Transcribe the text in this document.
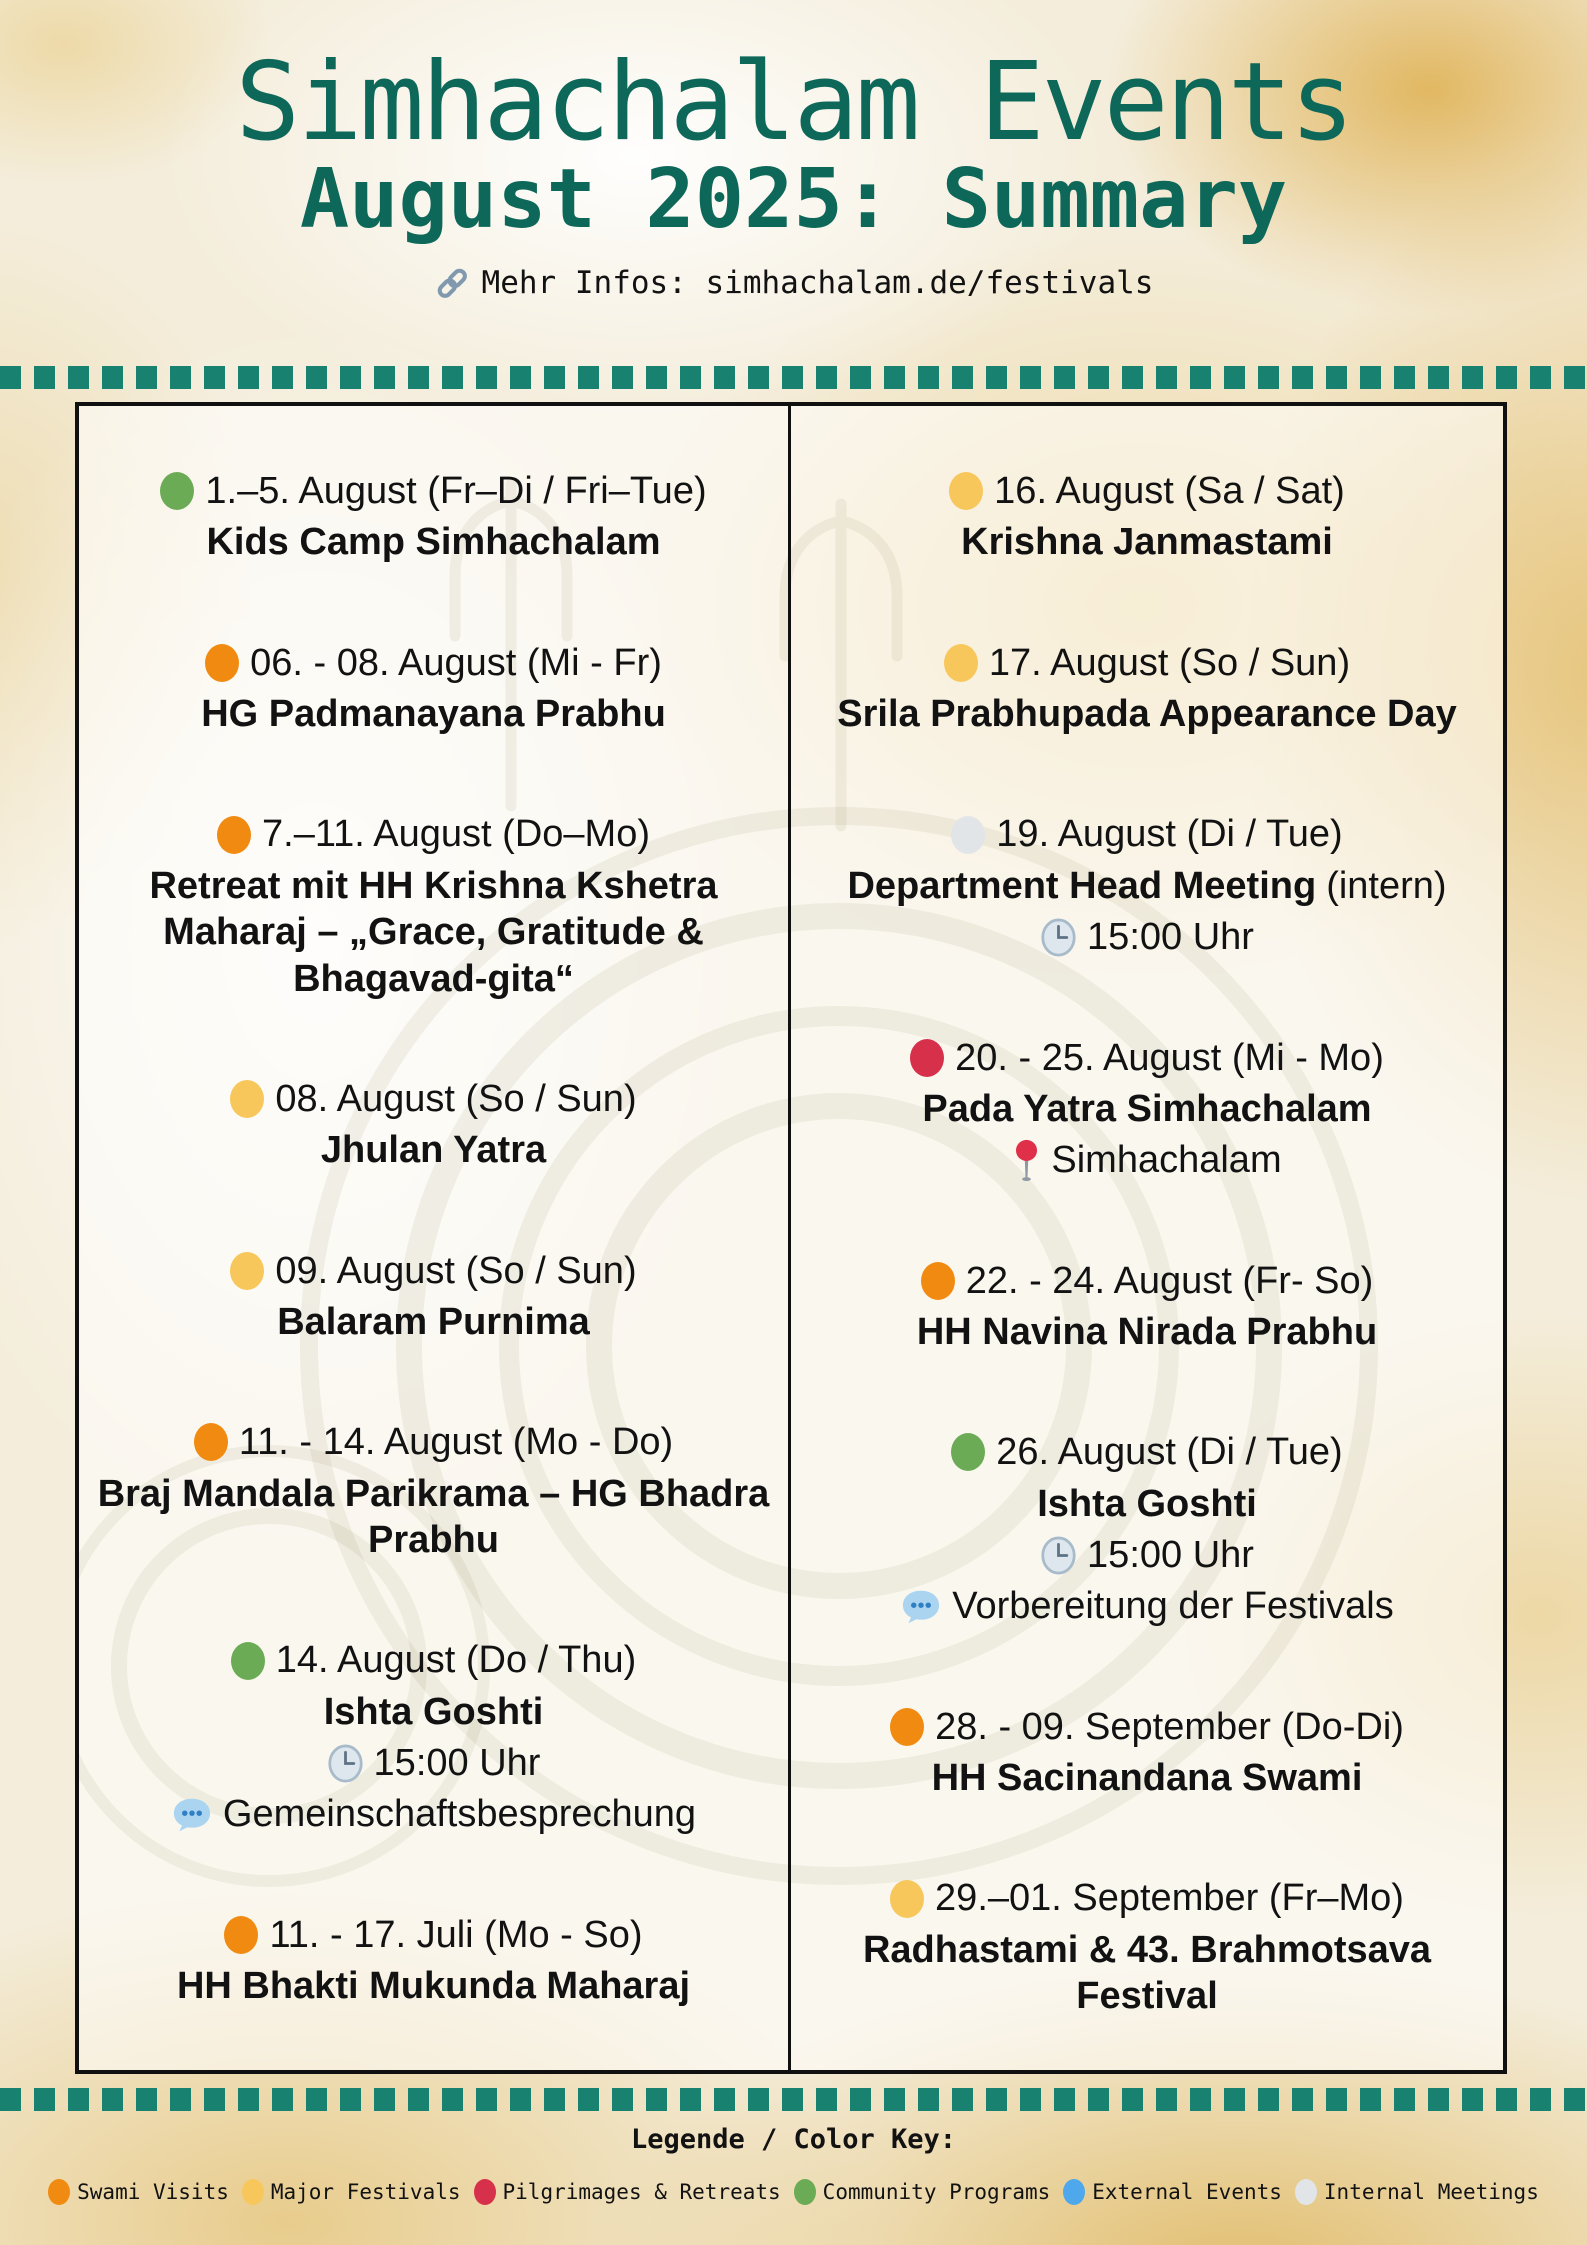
Simhachalam Events
August 2025: Summary
Mehr Infos: simhachalam.de/festivals
1.–5. August (Fr–Di / Fri–Tue)
Kids Camp Simhachalam
06. - 08. August (Mi - Fr)
HG Padmanayana Prabhu
7.–11. August (Do–Mo)
Retreat mit HH Krishna Kshetra Maharaj – „Grace, Gratitude & Bhagavad-gita“
08. August (So / Sun)
Jhulan Yatra
09. August (So / Sun)
Balaram Purnima
11. - 14. August (Mo - Do)
Braj Mandala Parikrama – HG Bhadra Prabhu
14. August (Do / Thu)
Ishta Goshti
15:00 Uhr
Gemeinschaftsbesprechung
11. - 17. Juli (Mo - So)
HH Bhakti Mukunda Maharaj
16. August (Sa / Sat)
Krishna Janmastami
17. August (So / Sun)
Srila Prabhupada Appearance Day
19. August (Di / Tue)
Department Head Meeting (intern)
15:00 Uhr
20. - 25. August (Mi - Mo)
Pada Yatra Simhachalam
Simhachalam
22. - 24. August (Fr- So)
HH Navina Nirada Prabhu
26. August (Di / Tue)
Ishta Goshti
15:00 Uhr
Vorbereitung der Festivals
28. - 09. September (Do-Di)
HH Sacinandana Swami
29.–01. September (Fr–Mo)
Radhastami & 43. Brahmotsava Festival
Legende / Color Key:
Swami Visits Major Festivals Pilgrimages & Retreats Community Programs External Events Internal Meetings
